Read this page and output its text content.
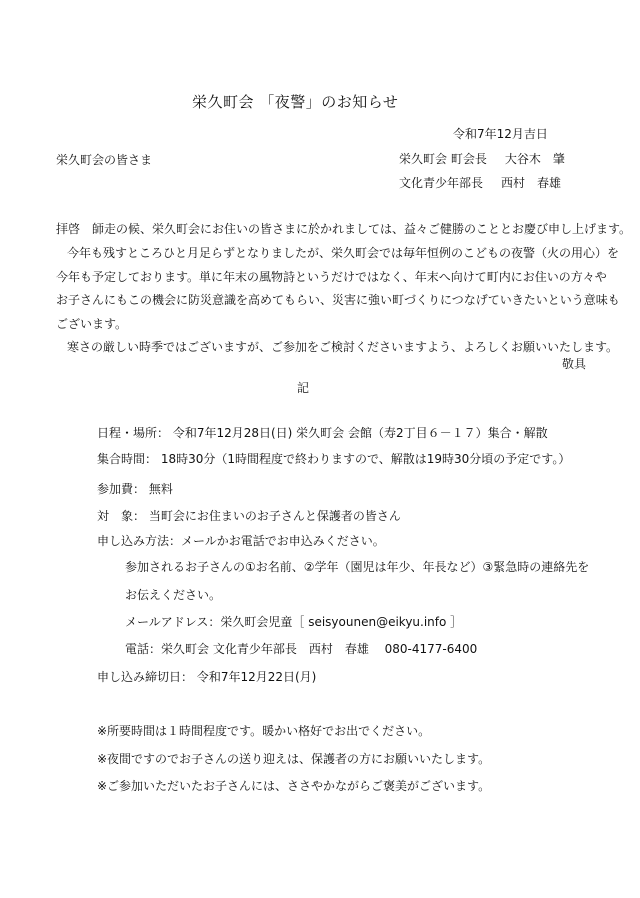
栄久町会 「夜警」のお知らせ
令和7年12月吉日
栄久町会の皆さま	栄久町会 町会長 大谷木　肇
文化青少年部長 西村　春雄
拝啓　師走の候、栄久町会にお住いの皆さまに於かれましては、益々ご健勝のこととお慶び申し上げます。
今年も残すところひと月足らずとなりましたが、栄久町会では毎年恒例のこどもの夜警（火の用心）を
今年も予定しております。単に年末の風物詩というだけではなく、年末へ向けて町内にお住いの方々や
お子さんにもこの機会に防災意識を高めてもらい、災害に強い町づくりにつなげていきたいという意味も
ございます。
寒さの厳しい時季ではございますが、ご参加をご検討くださいますよう、よろしくお願いいたします。
敬具
記
日程・場所： 令和7年12月28日(日) 栄久町会 会館（寿2丁目６－１７）集合・解散
集合時間： 18時30分（1時間程度で終わりますので、解散は19時30分頃の予定です。）
参加費： 無料
対　象： 当町会にお住まいのお子さんと保護者の皆さん
申し込み方法：メールかお電話でお申込みください。
参加されるお子さんの①お名前、②学年（園児は年少、年長など）③緊急時の連絡先を
お伝えください。
メールアドレス：栄久町会児童［ seisyounen@eikyu.info ］
電話：栄久町会 文化青少年部長　西村　春雄　 080-4177-6400
申し込み締切日： 令和7年12月22日(月)
※所要時間は１時間程度です。暖かい格好でお出でください。
※夜間ですのでお子さんの送り迎えは、保護者の方にお願いいたします。
※ご参加いただいたお子さんには、ささやかながらご褒美がございます。
